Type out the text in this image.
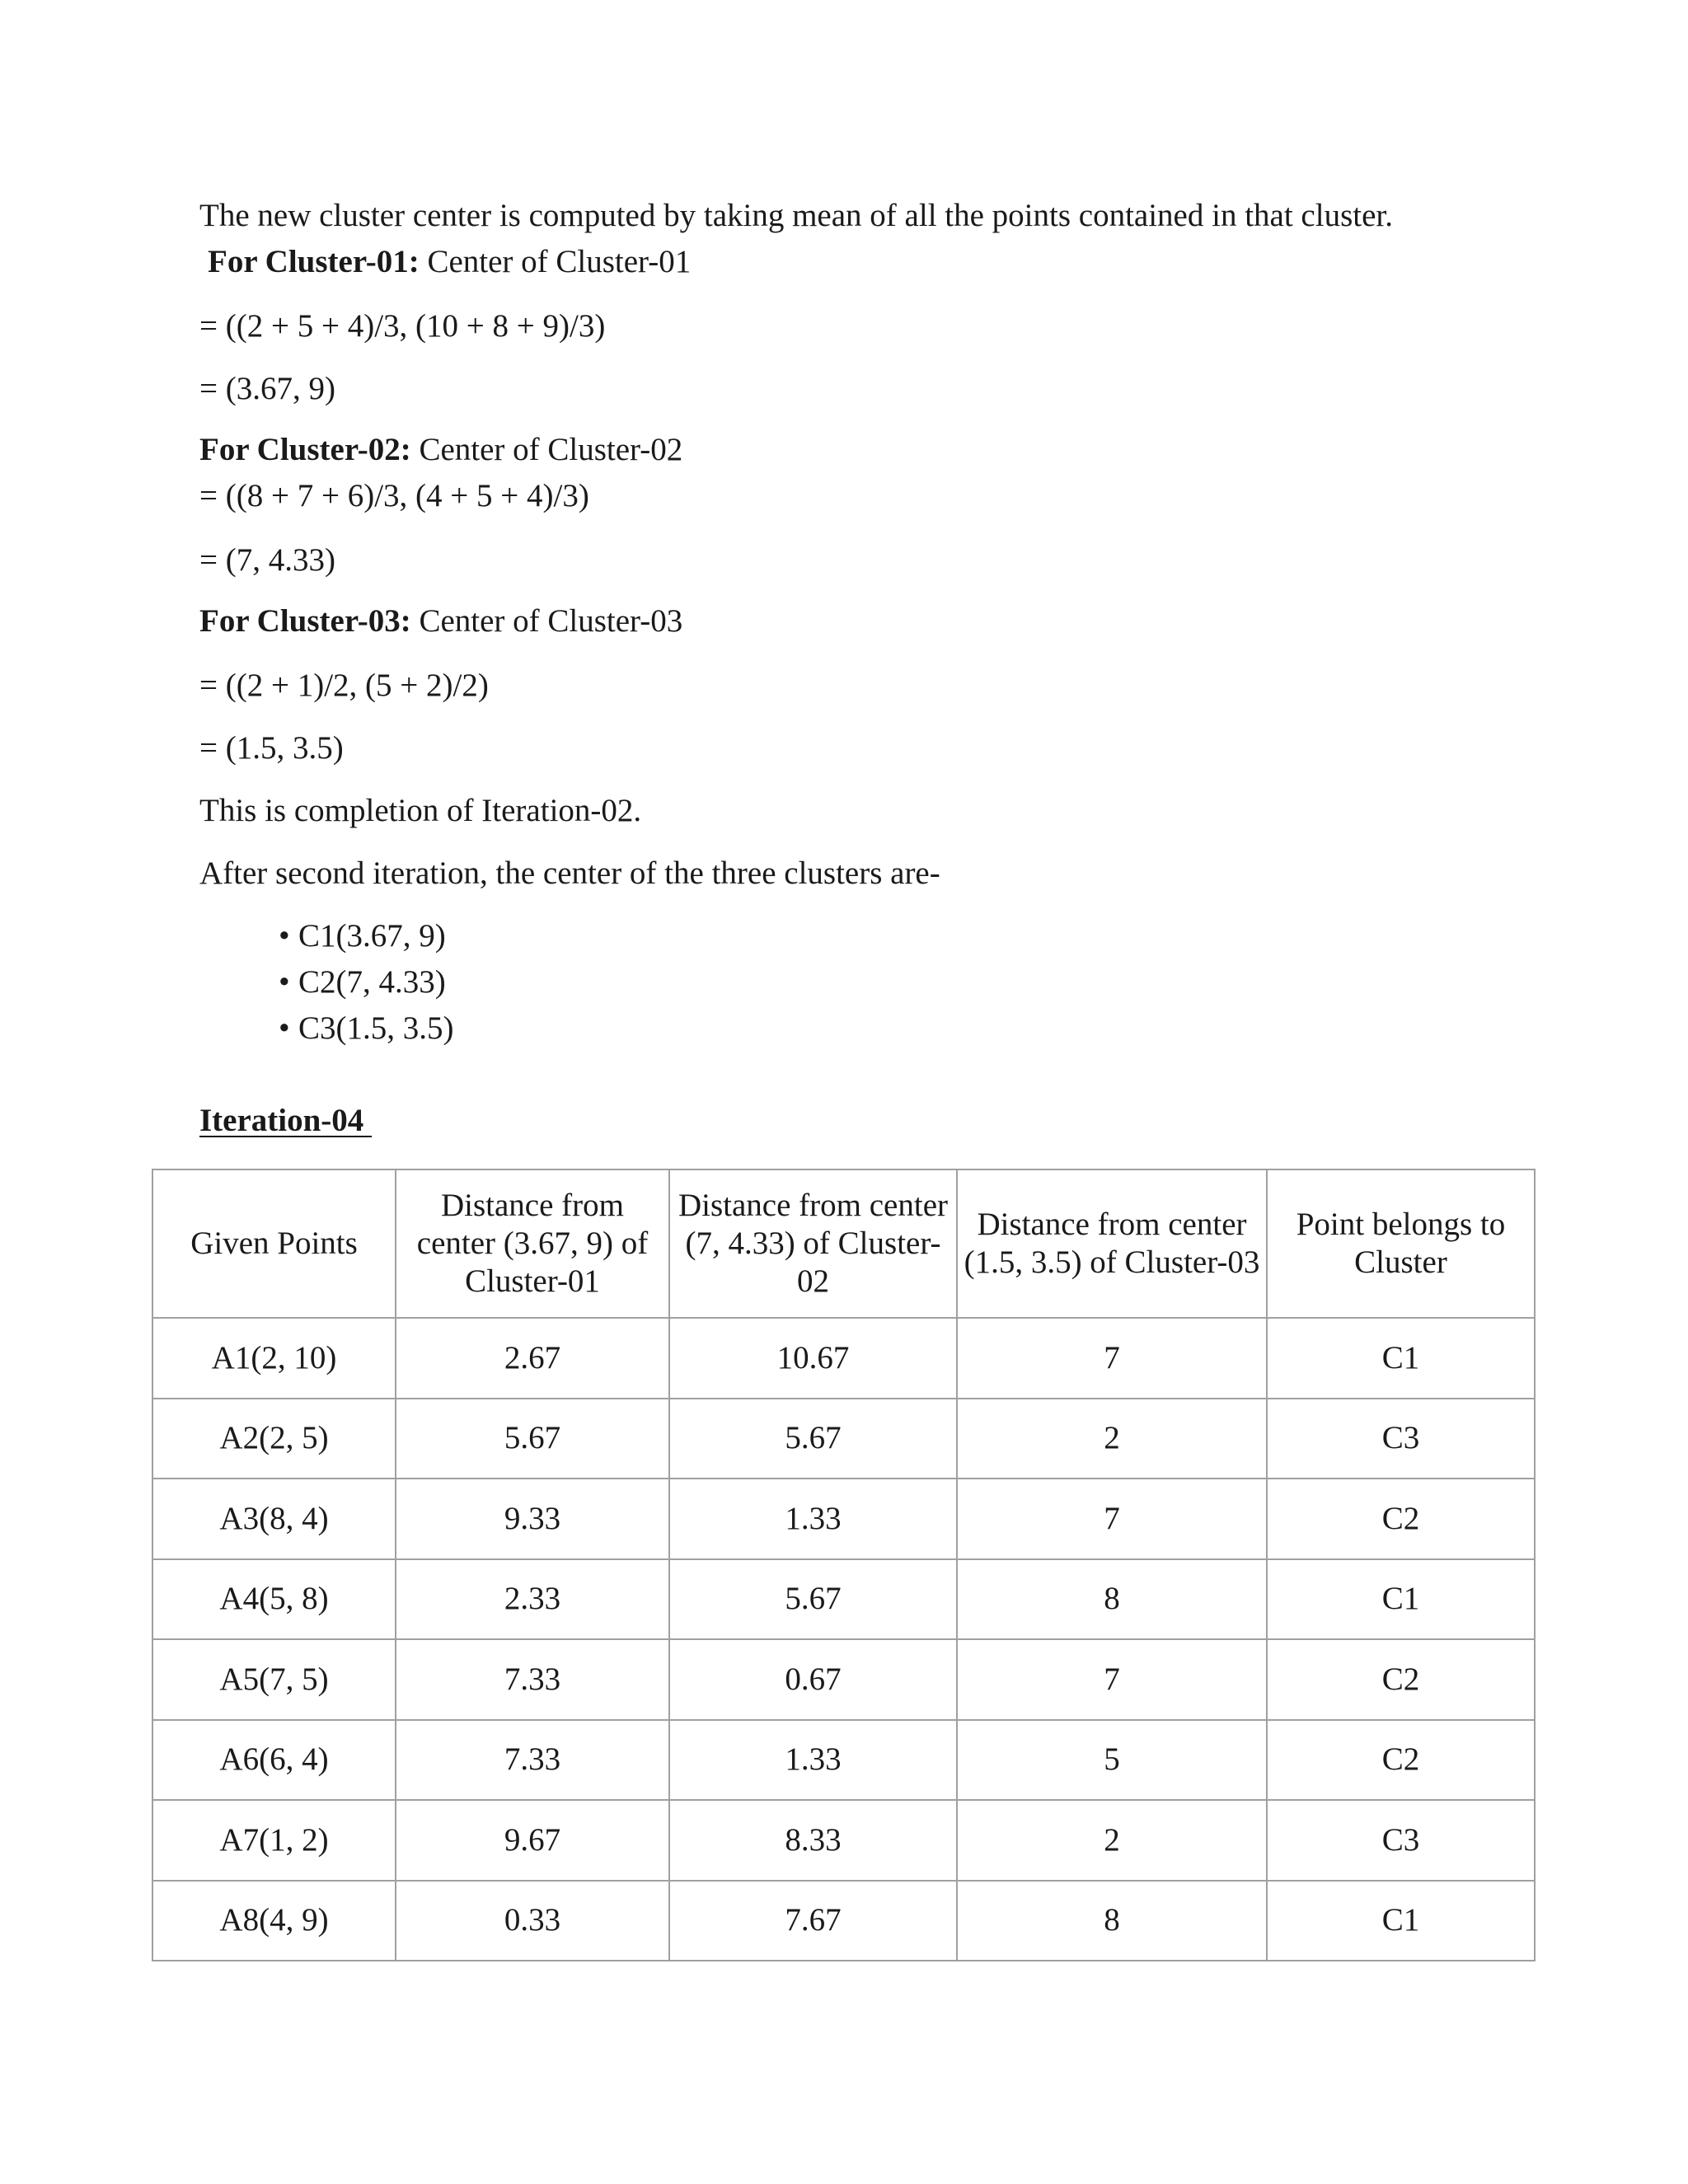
The new cluster center is computed by taking mean of all the points contained in that cluster.
For Cluster-01: Center of Cluster-01
= ((2 + 5 + 4)/3, (10 + 8 + 9)/3)
= (3.67, 9)
For Cluster-02: Center of Cluster-02
= ((8 + 7 + 6)/3, (4 + 5 + 4)/3)
= (7, 4.33)
For Cluster-03: Center of Cluster-03
= ((2 + 1)/2, (5 + 2)/2)
= (1.5, 3.5)
This is completion of Iteration-02.
After second iteration, the center of the three clusters are-
• C1(3.67, 9)
• C2(7, 4.33)
• C3(1.5, 3.5)
Iteration-04
Given Points	Distance from center (3.67, 9) of Cluster-01	Distance from center (7, 4.33) of Cluster-02	Distance from center (1.5, 3.5) of Cluster-03	Point belongs to Cluster
A1(2, 10)	2.67	10.67	7	C1
A2(2, 5)	5.67	5.67	2	C3
A3(8, 4)	9.33	1.33	7	C2
A4(5, 8)	2.33	5.67	8	C1
A5(7, 5)	7.33	0.67	7	C2
A6(6, 4)	7.33	1.33	5	C2
A7(1, 2)	9.67	8.33	2	C3
A8(4, 9)	0.33	7.67	8	C1
